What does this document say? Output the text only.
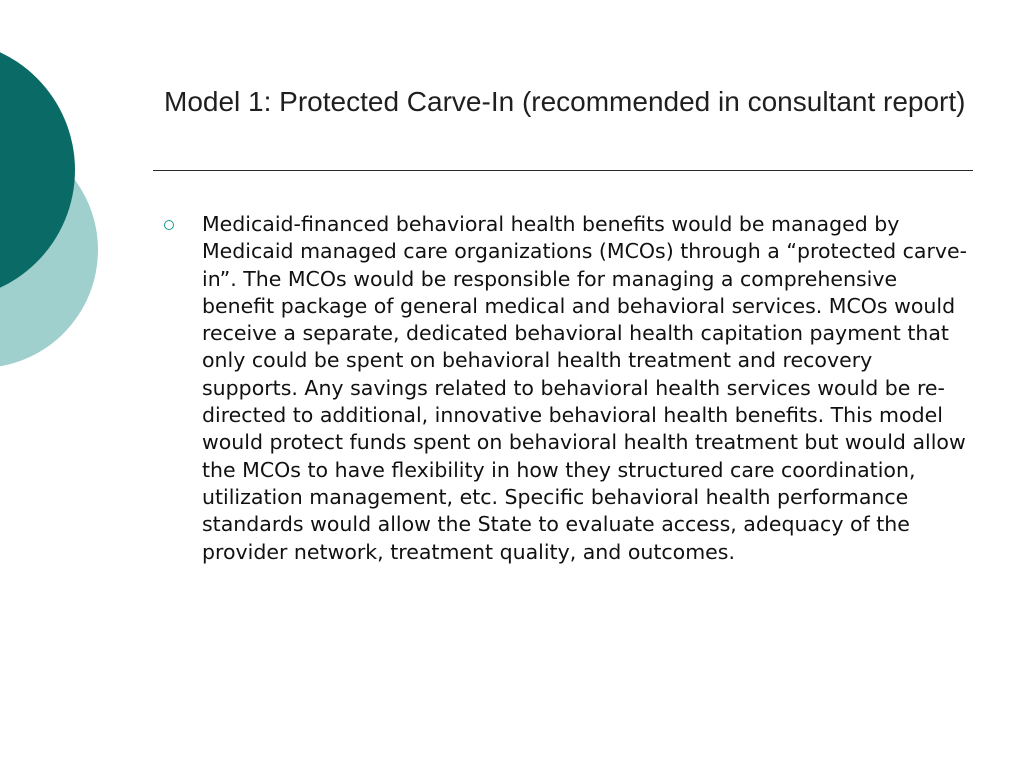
Model 1: Protected Carve-In (recommended in consultant report)
Medicaid-financed behavioral health benefits would be managed by Medicaid managed care organizations (MCOs) through a “protected carve-in”. The MCOs would be responsible for managing a comprehensive benefit package of general medical and behavioral services. MCOs would receive a separate, dedicated behavioral health capitation payment that only could be spent on behavioral health treatment and recovery supports. Any savings related to behavioral health services would be re-directed to additional, innovative behavioral health benefits. This model would protect funds spent on behavioral health treatment but would allow the MCOs to have flexibility in how they structured care coordination, utilization management, etc. Specific behavioral health performance standards would allow the State to evaluate access, adequacy of the provider network, treatment quality, and outcomes.
